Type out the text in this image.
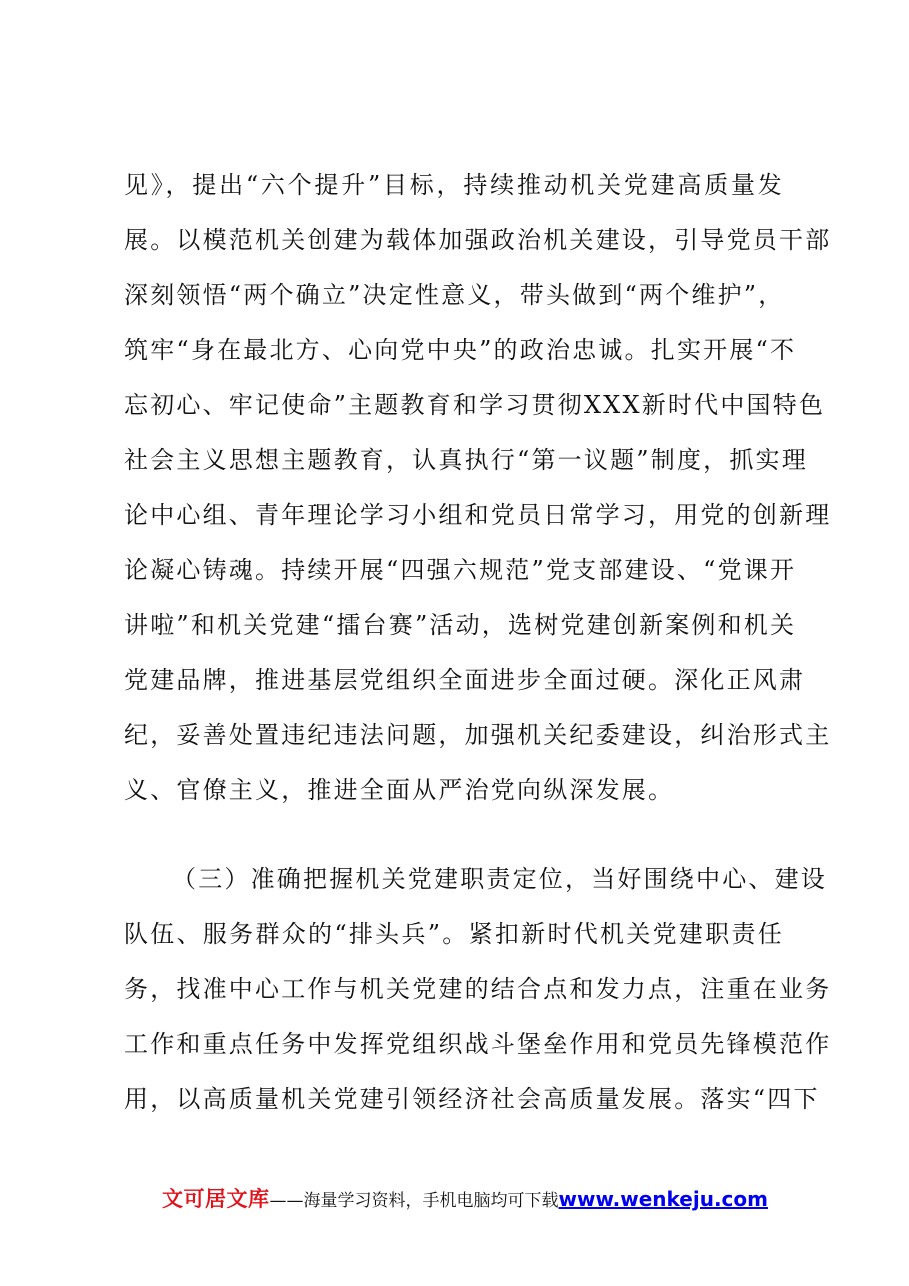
见》，提出“六个提升”目标，持续推动机关党建高质量发
展。以模范机关创建为载体加强政治机关建设，引导党员干部
深刻领悟“两个确立”决定性意义，带头做到“两个维护”，
筑牢“身在最北方、心向党中央”的政治忠诚。扎实开展“不
忘初心、牢记使命”主题教育和学习贯彻XXX新时代中国特色
社会主义思想主题教育，认真执行“第一议题”制度，抓实理
论中心组、青年理论学习小组和党员日常学习，用党的创新理
论凝心铸魂。持续开展“四强六规范”党支部建设、“党课开
讲啦”和机关党建“擂台赛”活动，选树党建创新案例和机关
党建品牌，推进基层党组织全面进步全面过硬。深化正风肃
纪，妥善处置违纪违法问题，加强机关纪委建设，纠治形式主
义、官僚主义，推进全面从严治党向纵深发展。
（三）准确把握机关党建职责定位，当好围绕中心、建设
队伍、服务群众的“排头兵”。紧扣新时代机关党建职责任
务，找准中心工作与机关党建的结合点和发力点，注重在业务
工作和重点任务中发挥党组织战斗堡垒作用和党员先锋模范作
用，以高质量机关党建引领经济社会高质量发展。落实“四下
文可居文库——海量学习资料，手机电脑均可下载www.wenkeju.com
